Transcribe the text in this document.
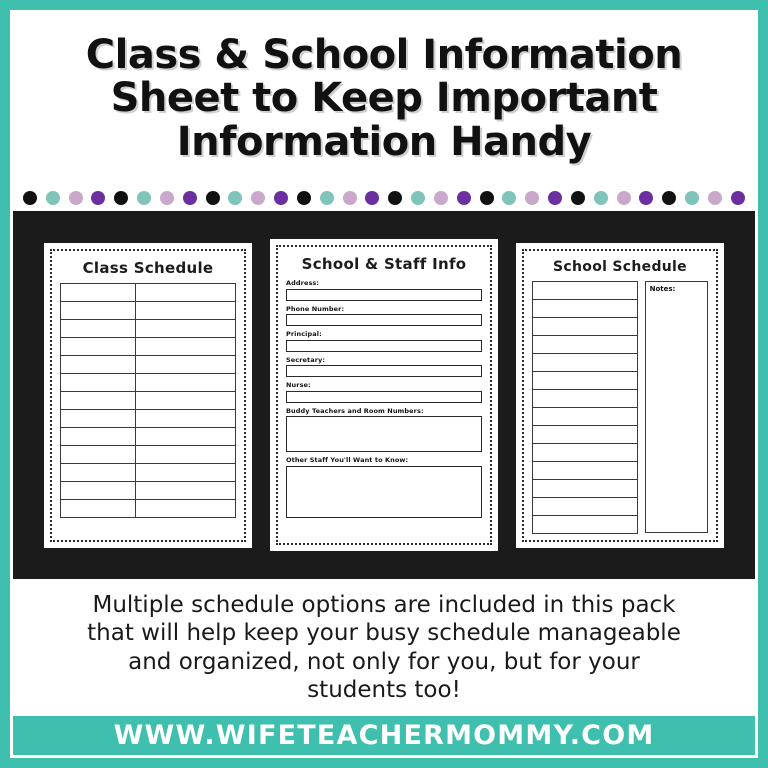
Class & School Information
Sheet to Keep Important
Information Handy
Class Schedule

		School & Staff Info
Address:
Phone Number:
Principal:
Secretary:
Nurse:
Buddy Teachers and Room Numbers:
Other Staff You'll Want to Know:
School Schedule

Notes:
Multiple schedule options are included in this pack
that will help keep your busy schedule manageable
and organized, not only for you, but for your
students too!
WWW.WIFETEACHERMOMMY.COM
